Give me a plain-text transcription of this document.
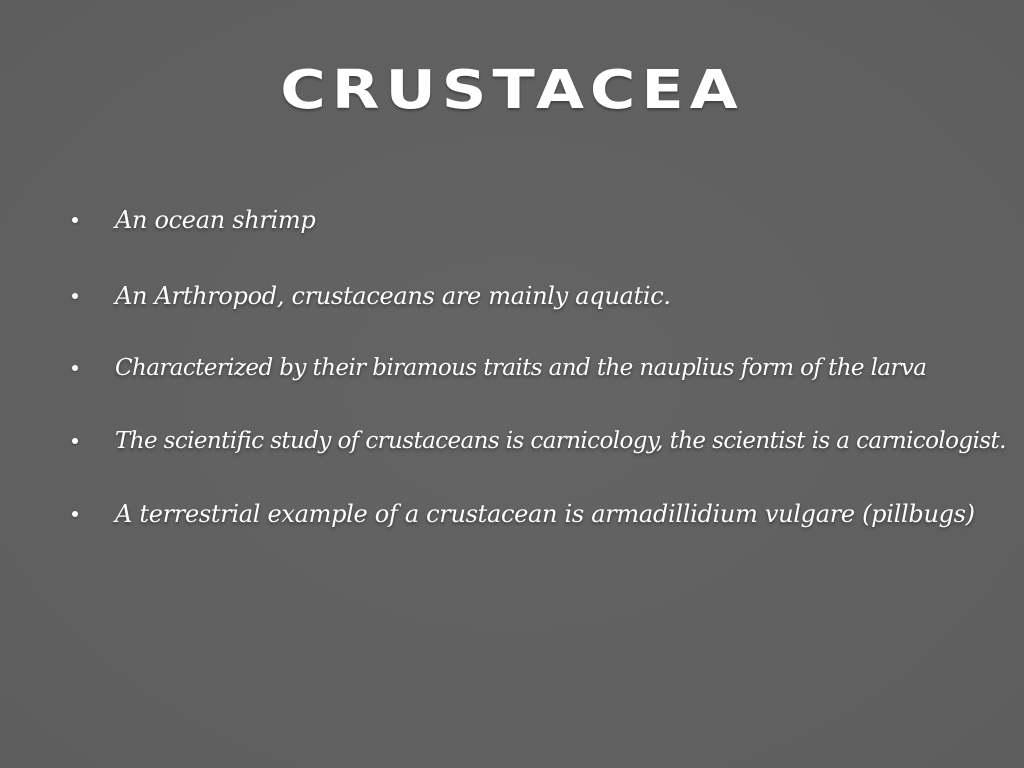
CRUSTACEA
An ocean shrimp
An Arthropod, crustaceans are mainly aquatic.
Characterized by their biramous traits and the nauplius form of the larva
The scientific study of crustaceans is carnicology, the scientist is a carnicologist.
A terrestrial example of a crustacean is armadillidium vulgare (pillbugs)
